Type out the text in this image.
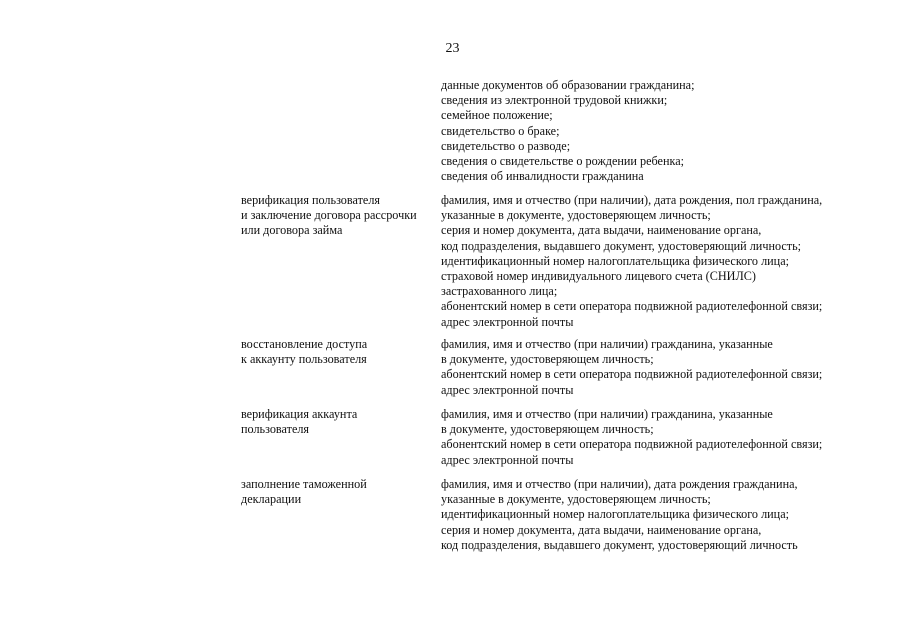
23
данные документов об образовании гражданина;
сведения из электронной трудовой книжки;
семейное положение;
свидетельство о браке;
свидетельство о разводе;
сведения о свидетельстве о рождении ребенка;
сведения об инвалидности гражданина
верификация пользователя
и заключение договора рассрочки
или договора займа
фамилия, имя и отчество (при наличии), дата рождения, пол гражданина,
указанные в документе, удостоверяющем личность;
серия и номер документа, дата выдачи, наименование органа,
код подразделения, выдавшего документ, удостоверяющий личность;
идентификационный номер налогоплательщика физического лица;
страховой номер индивидуального лицевого счета (СНИЛС)
застрахованного лица;
абонентский номер в сети оператора подвижной радиотелефонной связи;
адрес электронной почты
восстановление доступа
к аккаунту пользователя
фамилия, имя и отчество (при наличии) гражданина, указанные
в документе, удостоверяющем личность;
абонентский номер в сети оператора подвижной радиотелефонной связи;
адрес электронной почты
верификация аккаунта
пользователя
фамилия, имя и отчество (при наличии) гражданина, указанные
в документе, удостоверяющем личность;
абонентский номер в сети оператора подвижной радиотелефонной связи;
адрес электронной почты
заполнение таможенной
декларации
фамилия, имя и отчество (при наличии), дата рождения гражданина,
указанные в документе, удостоверяющем личность;
идентификационный номер налогоплательщика физического лица;
серия и номер документа, дата выдачи, наименование органа,
код подразделения, выдавшего документ, удостоверяющий личность
